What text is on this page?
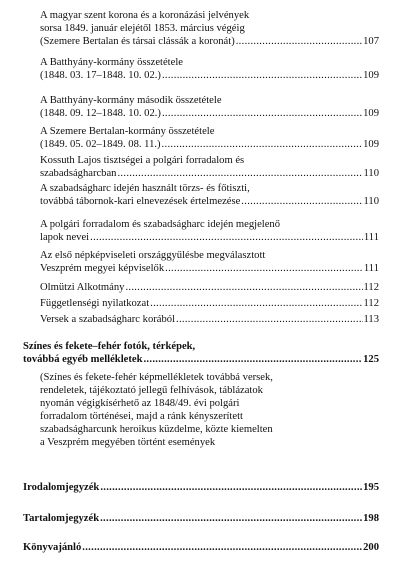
A magyar szent korona és a koronázási jelvények
sorsa 1849. január elejétől 1853. március végéig
(Szemere Bertalan és társai clássák a koronát) .....	107
A Batthyány-kormány összetétele
(1848. 03. 17–1848. 10. 02.) .....	109
A Batthyány-kormány második összetétele
(1848. 09. 12–1848. 10. 02.) .....	109
A Szemere Bertalan-kormány összetétele
(1849. 05. 02–1849. 08. 11.) .....	109
Kossuth Lajos tisztségei a polgári forradalom és
szabadságharcban .....	110
A szabadságharc idején használt törzs- és főtiszti,
továbbá tábornok-kari elnevezések értelmezése .....	110
A polgári forradalom és szabadságharc idején megjelenő
lapok nevei .....	111
Az első népképviseleti országgyűlésbe megválasztott
Veszprém megyei képviselők .....	111
Olmützi Alkotmány .....	112
Függetlenségi nyilatkozat .....	112
Versek a szabadságharc korából .....	113
Színes és fekete–fehér fotók, térképek,
továbbá egyéb mellékletek .....	125
(Színes és fekete-fehér képmellékletek továbbá versek,
rendeletek, tájékoztató jellegű felhívások, táblázatok
nyomán végigkísérhető az 1848/49. évi polgári
forradalom történései, majd a ránk kényszerített
szabadságharcunk heroikus küzdelme, közte kiemelten
a Veszprém megyében történt események
Irodalomjegyzék .....	195
Tartalomjegyzék .....	198
Könyvajánló .....	200
